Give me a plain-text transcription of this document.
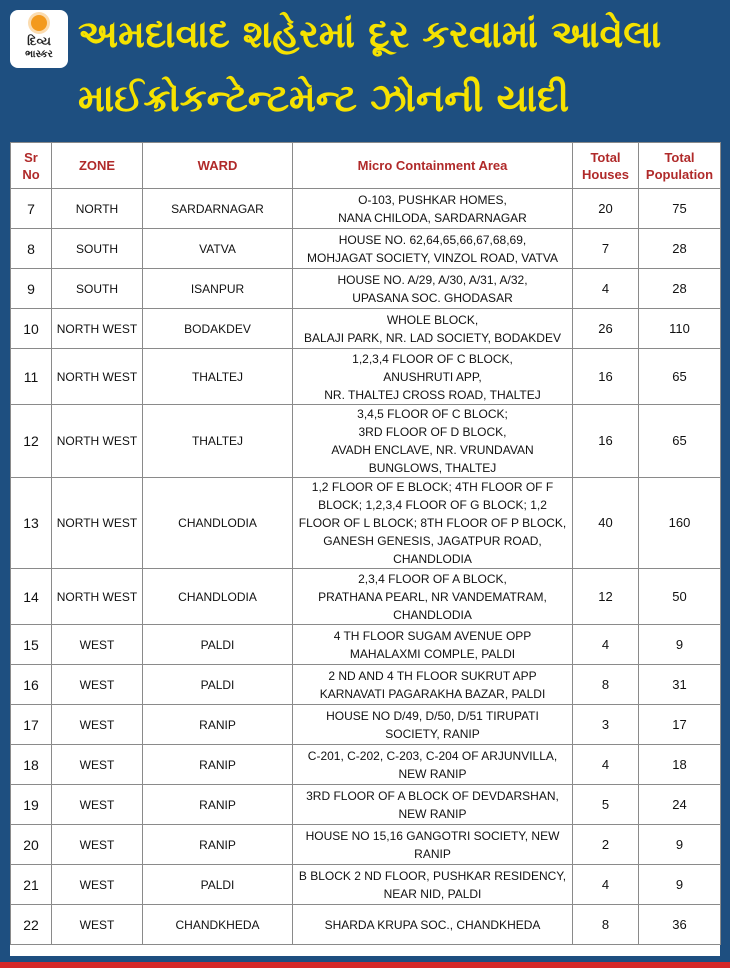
દિવ્ય
ભાસ્કર અમદાવાદ શહેરમાં દૂર કરવામાં આવેલા
માઈક્રોકન્ટેન્ટમેન્ટ ઝોનની યાદી
Sr No	ZONE	WARD	Micro Containment Area	Total Houses	Total Population
7	NORTH	SARDARNAGAR	O-103, PUSHKAR HOMES,
NANA CHILODA, SARDARNAGAR	20	75
8	SOUTH	VATVA	HOUSE NO. 62,64,65,66,67,68,69,
MOHJAGAT SOCIETY, VINZOL ROAD, VATVA	7	28
9	SOUTH	ISANPUR	HOUSE NO. A/29, A/30, A/31, A/32,
UPASANA SOC. GHODASAR	4	28
10	NORTH WEST	BODAKDEV	WHOLE BLOCK,
BALAJI PARK, NR. LAD SOCIETY, BODAKDEV	26	110
11	NORTH WEST	THALTEJ	1,2,3,4 FLOOR OF C BLOCK,
ANUSHRUTI APP,
NR. THALTEJ CROSS ROAD, THALTEJ	16	65
12	NORTH WEST	THALTEJ	3,4,5 FLOOR OF C BLOCK;
3RD FLOOR OF D BLOCK,
AVADH ENCLAVE, NR. VRUNDAVAN
BUNGLOWS, THALTEJ	16	65
13	NORTH WEST	CHANDLODIA	1,2 FLOOR OF E BLOCK; 4TH FLOOR OF F
BLOCK; 1,2,3,4 FLOOR OF G BLOCK; 1,2
FLOOR OF L BLOCK; 8TH FLOOR OF P BLOCK,
GANESH GENESIS, JAGATPUR ROAD,
CHANDLODIA	40	160
14	NORTH WEST	CHANDLODIA	2,3,4 FLOOR OF A BLOCK,
PRATHANA PEARL, NR VANDEMATRAM,
CHANDLODIA	12	50
15	WEST	PALDI	4 TH FLOOR SUGAM AVENUE OPP
MAHALAXMI COMPLE, PALDI	4	9
16	WEST	PALDI	2 ND AND 4 TH FLOOR SUKRUT APP
KARNAVATI PAGARAKHA BAZAR, PALDI	8	31
17	WEST	RANIP	HOUSE NO D/49, D/50, D/51 TIRUPATI
SOCIETY, RANIP	3	17
18	WEST	RANIP	C-201, C-202, C-203, C-204 OF ARJUNVILLA,
NEW RANIP	4	18
19	WEST	RANIP	3RD FLOOR OF A BLOCK OF DEVDARSHAN,
NEW RANIP	5	24
20	WEST	RANIP	HOUSE NO 15,16 GANGOTRI SOCIETY, NEW
RANIP	2	9
21	WEST	PALDI	B BLOCK 2 ND FLOOR, PUSHKAR RESIDENCY,
NEAR NID, PALDI	4	9
22	WEST	CHANDKHEDA	SHARDA KRUPA SOC., CHANDKHEDA	8	36
